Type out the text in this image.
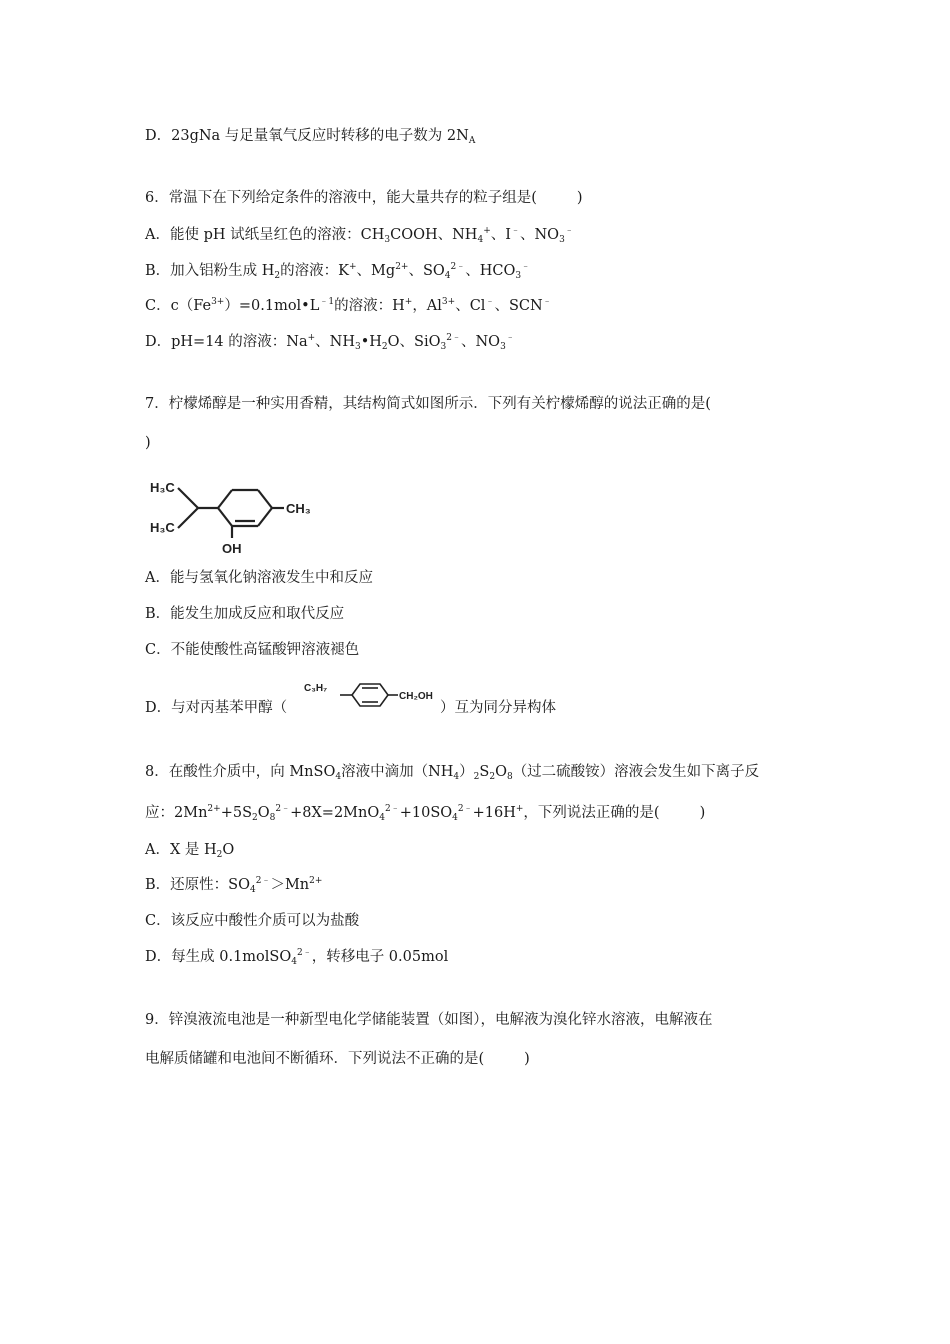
D．23gNa 与足量氧气反应时转移的电子数为 $2N_A$
6．常温下在下列给定条件的溶液中，能大量共存的粒子组是(	)
A．能使 pH 试纸呈红色的溶液：$CH_3COOH$、$NH_4^+$、I﹣、$NO_3^﹣$
B．加入铝粉生成 $H_2$的溶液：K+、$Mg^{2+}$、$SO_4^{2﹣}$、$HCO_3^﹣$
C．$c(Fe^{3+})=0.1mol•L^{﹣1}$的溶液：H+，$Al^{3+}$、Cl﹣、SCN﹣
D．pH=14 的溶液：Na+、$NH_3•H_2O$、SiO$_3^{2﹣}$、$NO_3^﹣$
7．柠檬烯醇是一种实用香精，其结构简式如图所示．下列有关柠檬烯醇的说法正确的是(
)
H₃C
H₃C
CH₃
OH
A．能与氢氧化钠溶液发生中和反应
B．能发生加成反应和取代反应
C．不能使酸性高锰酸钾溶液褪色
D．与对丙基苯甲醇（
C₃H₇
CH₂OH
）互为同分异构体
8．在酸性介质中，向 MnSO$_4$溶液中滴加$(NH_4)_2S_2O_8$（过二硫酸铵）溶液会发生如下离子反
应：$2Mn^{2+}+5S_2O_8^{2﹣}+8X=2MnO_4^{2﹣}+10SO_4^{2﹣}+16H^+$，下列说法正确的是(	)
A．X 是 $H_2O$
B．还原性：$SO_4^{2﹣}>Mn^{2+}$
C．该反应中酸性介质可以为盐酸
D．每生成 0.1molSO$_4^{2﹣}$，转移电子 0.05mol
9．锌溴液流电池是一种新型电化学储能装置（如图），电解液为溴化锌水溶液，电解液在
电解质储罐和电池间不断循环．下列说法不正确的是(	)
